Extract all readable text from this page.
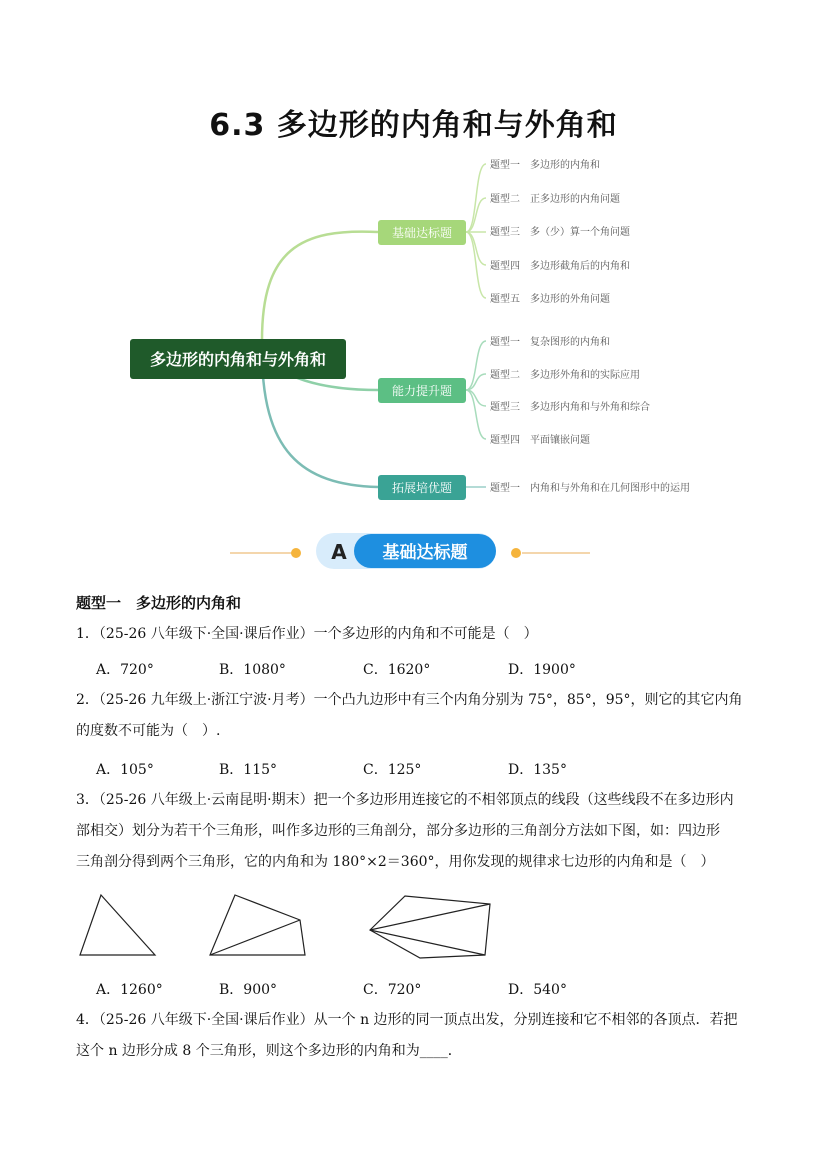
6.3 多边形的内角和与外角和
多边形的内角和与外角和
基础达标题
能力提升题
拓展培优题
题型一　多边形的内角和
题型二　正多边形的内角问题
题型三　多（少）算一个角问题
题型四　多边形截角后的内角和
题型五　多边形的外角问题
题型一　复杂图形的内角和
题型二　多边形外角和的实际应用
题型三　多边形内角和与外角和综合
题型四　平面镶嵌问题
题型一　内角和与外角和在几何图形中的运用
A 基础达标题
题型一　多边形的内角和
1．（25-26 八年级下·全国·课后作业）一个多边形的内角和不可能是（　）
A．720°	B．1080°	C．1620°	D．1900°
2．（25-26 九年级上·浙江宁波·月考）一个凸九边形中有三个内角分别为 75°，85°，95°，则它的其它内角
的度数不可能为（　）.
A．105°	B．115°	C．125°	D．135°
3．（25-26 八年级上·云南昆明·期末）把一个多边形用连接它的不相邻顶点的线段（这些线段不在多边形内
部相交）划分为若干个三角形，叫作多边形的三角剖分，部分多边形的三角剖分方法如下图，如：四边形
三角剖分得到两个三角形，它的内角和为 180°×2＝360°，用你发现的规律求七边形的内角和是（　）
A．1260°	B．900°	C．720°	D．540°
4．（25-26 八年级下·全国·课后作业）从一个 n 边形的同一顶点出发，分别连接和它不相邻的各顶点．若把
这个 n 边形分成 8 个三角形，则这个多边形的内角和为____．
